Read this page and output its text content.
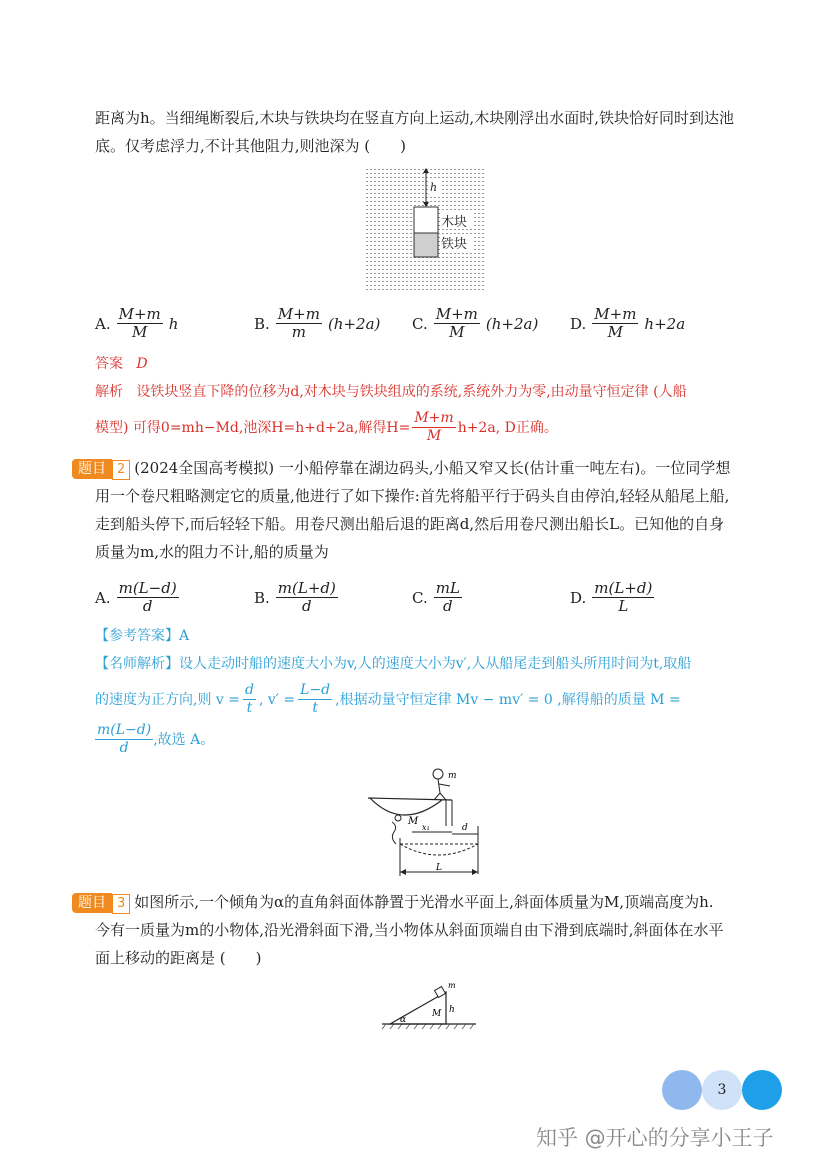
距离为h。当细绳断裂后,木块与铁块均在竖直方向上运动,木块刚浮出水面时,铁块恰好同时到达池
底。仅考虑浮力,不计其他阻力,则池深为 (　　)
h
木块
铁块
A. $\frac{M+m}{M}$ h	B. $\frac{M+m}{m} (h+2a)$ C. $\frac{M+m}{M} (h+2a)$ D. $\frac{M+m}{M} h+2a$
答案 D
解析 设铁块竖直下降的位移为d,对木块与铁块组成的系统,系统外力为零,由动量守恒定律 (人船
模型) 可得0=mh−Md,池深H=h+d+2a,解得$H= \frac{M+m}{M} h+2a$, D正确。
题目 2 (2024全国高考模拟) 一小船停靠在湖边码头,小船又窄又长(估计重一吨左右)。一位同学想
用一个卷尺粗略测定它的质量,他进行了如下操作:首先将船平行于码头自由停泊,轻轻从船尾上船,
走到船头停下,而后轻轻下船。用卷尺测出船后退的距离d,然后用卷尺测出船长L。已知他的自身
质量为m,水的阻力不计,船的质量为
A. $\frac{m(L-d)}{d}$	B. $\frac{m(L+d)}{d}$	C. $\frac{mL}{d}$	D. $\frac{m(L+d)}{L}$
【参考答案】A
【名师解析】设人走动时船的速度大小为v,人的速度大小为v′,人从船尾走到船头所用时间为t,取船
的速度为正方向,则 $v = \frac{d}{t}$ , $v' = \frac{L-d}{t}$ ,根据动量守恒定律 Mv − mv′ = 0 ,解得船的质量 M =
$\frac{m(L-d)}{d}$ ,故选 A。
m
M
x₁	d
L
题目 3 如图所示,一个倾角为α的直角斜面体静置于光滑水平面上,斜面体质量为M,顶端高度为h.
今有一质量为m的小物体,沿光滑斜面下滑,当小物体从斜面顶端自由下滑到底端时,斜面体在水平
面上移动的距离是 (　　)
m
M h
α
3
知乎 @开心的分享小王子
